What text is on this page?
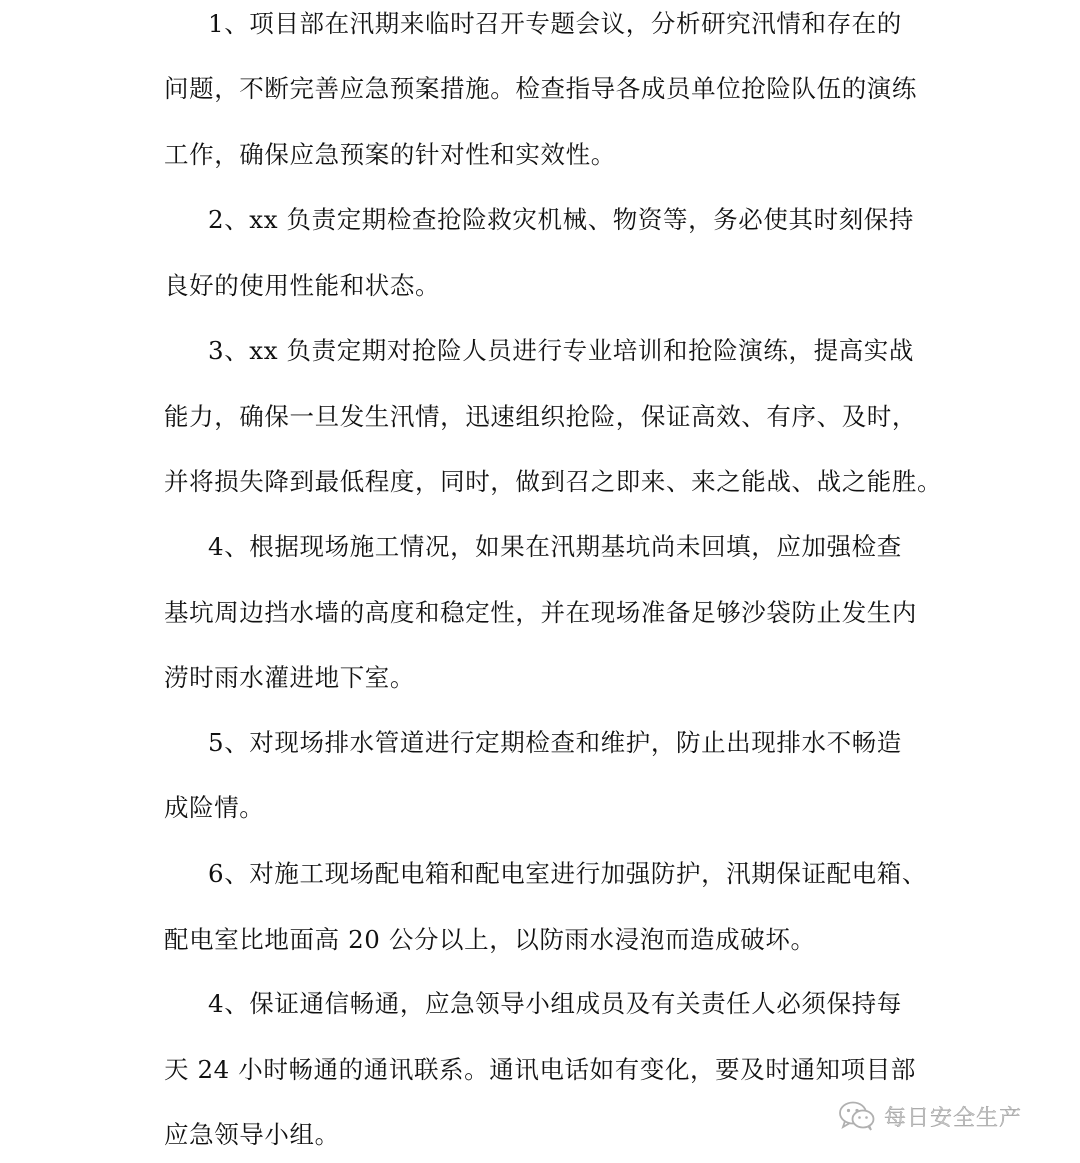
1、项目部在汛期来临时召开专题会议，分析研究汛情和存在的
问题，不断完善应急预案措施。检查指导各成员单位抢险队伍的演练
工作，确保应急预案的针对性和实效性。
2、xx 负责定期检查抢险救灾机械、物资等，务必使其时刻保持
良好的使用性能和状态。
3、xx 负责定期对抢险人员进行专业培训和抢险演练，提高实战
能力，确保一旦发生汛情，迅速组织抢险，保证高效、有序、及时，
并将损失降到最低程度，同时，做到召之即来、来之能战、战之能胜。
4、根据现场施工情况，如果在汛期基坑尚未回填，应加强检查
基坑周边挡水墙的高度和稳定性，并在现场准备足够沙袋防止发生内
涝时雨水灌进地下室。
5、对现场排水管道进行定期检查和维护，防止出现排水不畅造
成险情。
6、对施工现场配电箱和配电室进行加强防护，汛期保证配电箱、
配电室比地面高 20 公分以上，以防雨水浸泡而造成破坏。
4、保证通信畅通，应急领导小组成员及有关责任人必须保持每
天 24 小时畅通的通讯联系。通讯电话如有变化，要及时通知项目部
应急领导小组。
每日安全生产
